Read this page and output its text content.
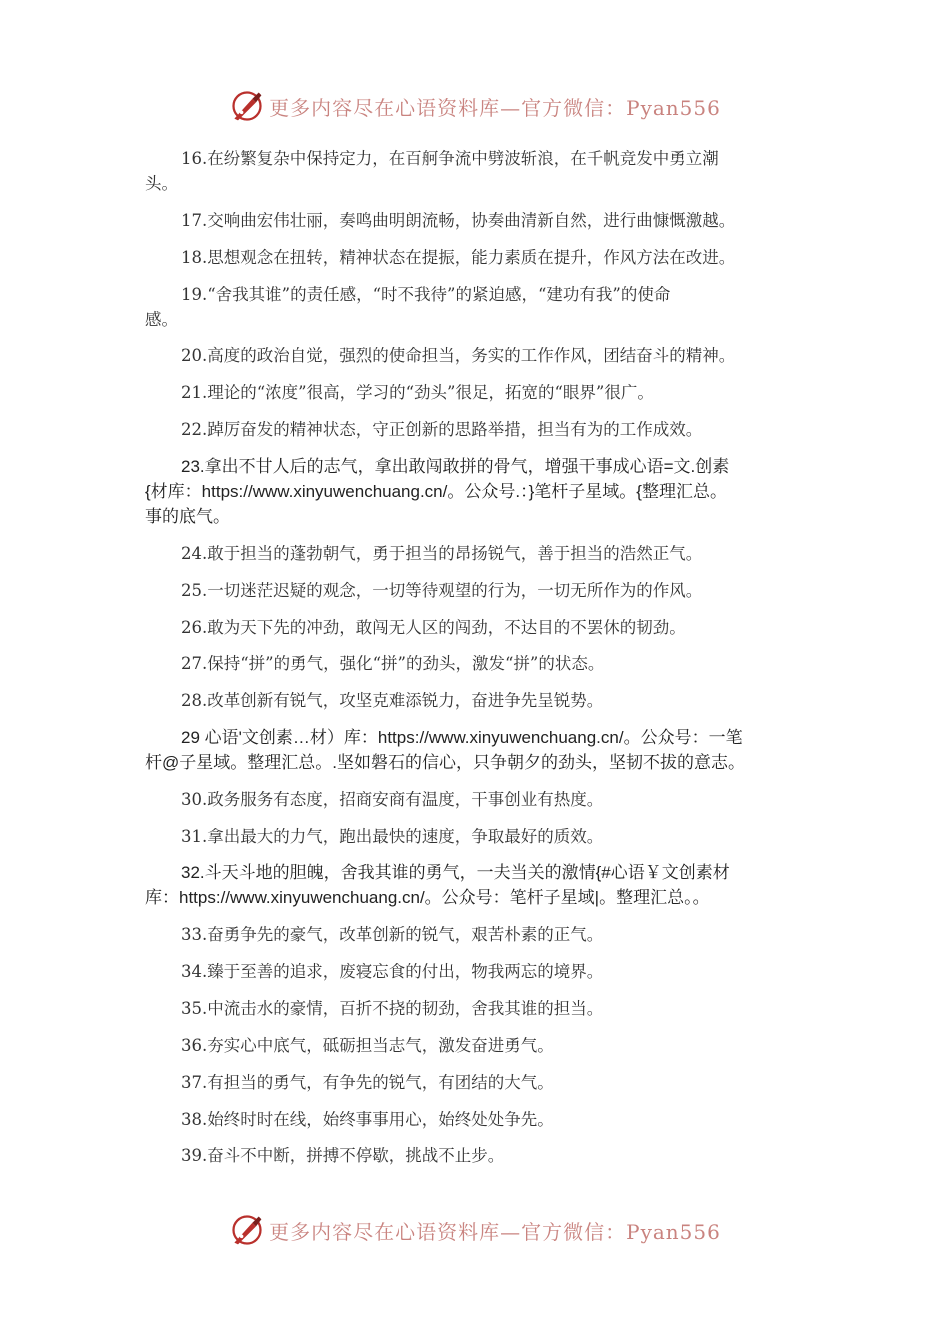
更多内容尽在心语资料库—官方微信：Pyan556
16.在纷繁复杂中保持定力，在百舸争流中劈波斩浪，在千帆竞发中勇立潮
头。
17.交响曲宏伟壮丽，奏鸣曲明朗流畅，协奏曲清新自然，进行曲慷慨激越。
18.思想观念在扭转，精神状态在提振，能力素质在提升，作风方法在改进。
19.“舍我其谁”的责任感，“时不我待”的紧迫感，“建功有我”的使命
感。
20.高度的政治自觉，强烈的使命担当，务实的工作作风，团结奋斗的精神。
21.理论的“浓度”很高，学习的“劲头”很足，拓宽的“眼界”很广。
22.踔厉奋发的精神状态，守正创新的思路举措，担当有为的工作成效。
23.拿出不甘人后的志气，拿出敢闯敢拼的骨气，增强干事成心语=文.创素
{材库：https://www.xinyuwenchuang.cn/。公众号.：}笔杆子星域。{整理汇总。
事的底气。
24.敢于担当的蓬勃朝气，勇于担当的昂扬锐气，善于担当的浩然正气。
25.一切迷茫迟疑的观念，一切等待观望的行为，一切无所作为的作风。
26.敢为天下先的冲劲，敢闯无人区的闯劲，不达目的不罢休的韧劲。
27.保持“拼”的勇气，强化“拼”的劲头，激发“拼”的状态。
28.改革创新有锐气，攻坚克难添锐力，奋进争先呈锐势。
29 心语'文创素…材）库：https://www.xinyuwenchuang.cn/。公众号：一笔
杆@子星域。整理汇总。.坚如磐石的信心，只争朝夕的劲头，坚韧不拔的意志。
30.政务服务有态度，招商安商有温度，干事创业有热度。
31.拿出最大的力气，跑出最快的速度，争取最好的质效。
32.斗天斗地的胆魄，舍我其谁的勇气，一夫当关的激情{#心语￥文创素材
库：https://www.xinyuwenchuang.cn/。公众号：笔杆子星域|。整理汇总。。
33.奋勇争先的豪气，改革创新的锐气，艰苦朴素的正气。
34.臻于至善的追求，废寝忘食的付出，物我两忘的境界。
35.中流击水的豪情，百折不挠的韧劲，舍我其谁的担当。
36.夯实心中底气，砥砺担当志气，激发奋进勇气。
37.有担当的勇气，有争先的锐气，有团结的大气。
38.始终时时在线，始终事事用心，始终处处争先。
39.奋斗不中断，拼搏不停歇，挑战不止步。
更多内容尽在心语资料库—官方微信：Pyan556
